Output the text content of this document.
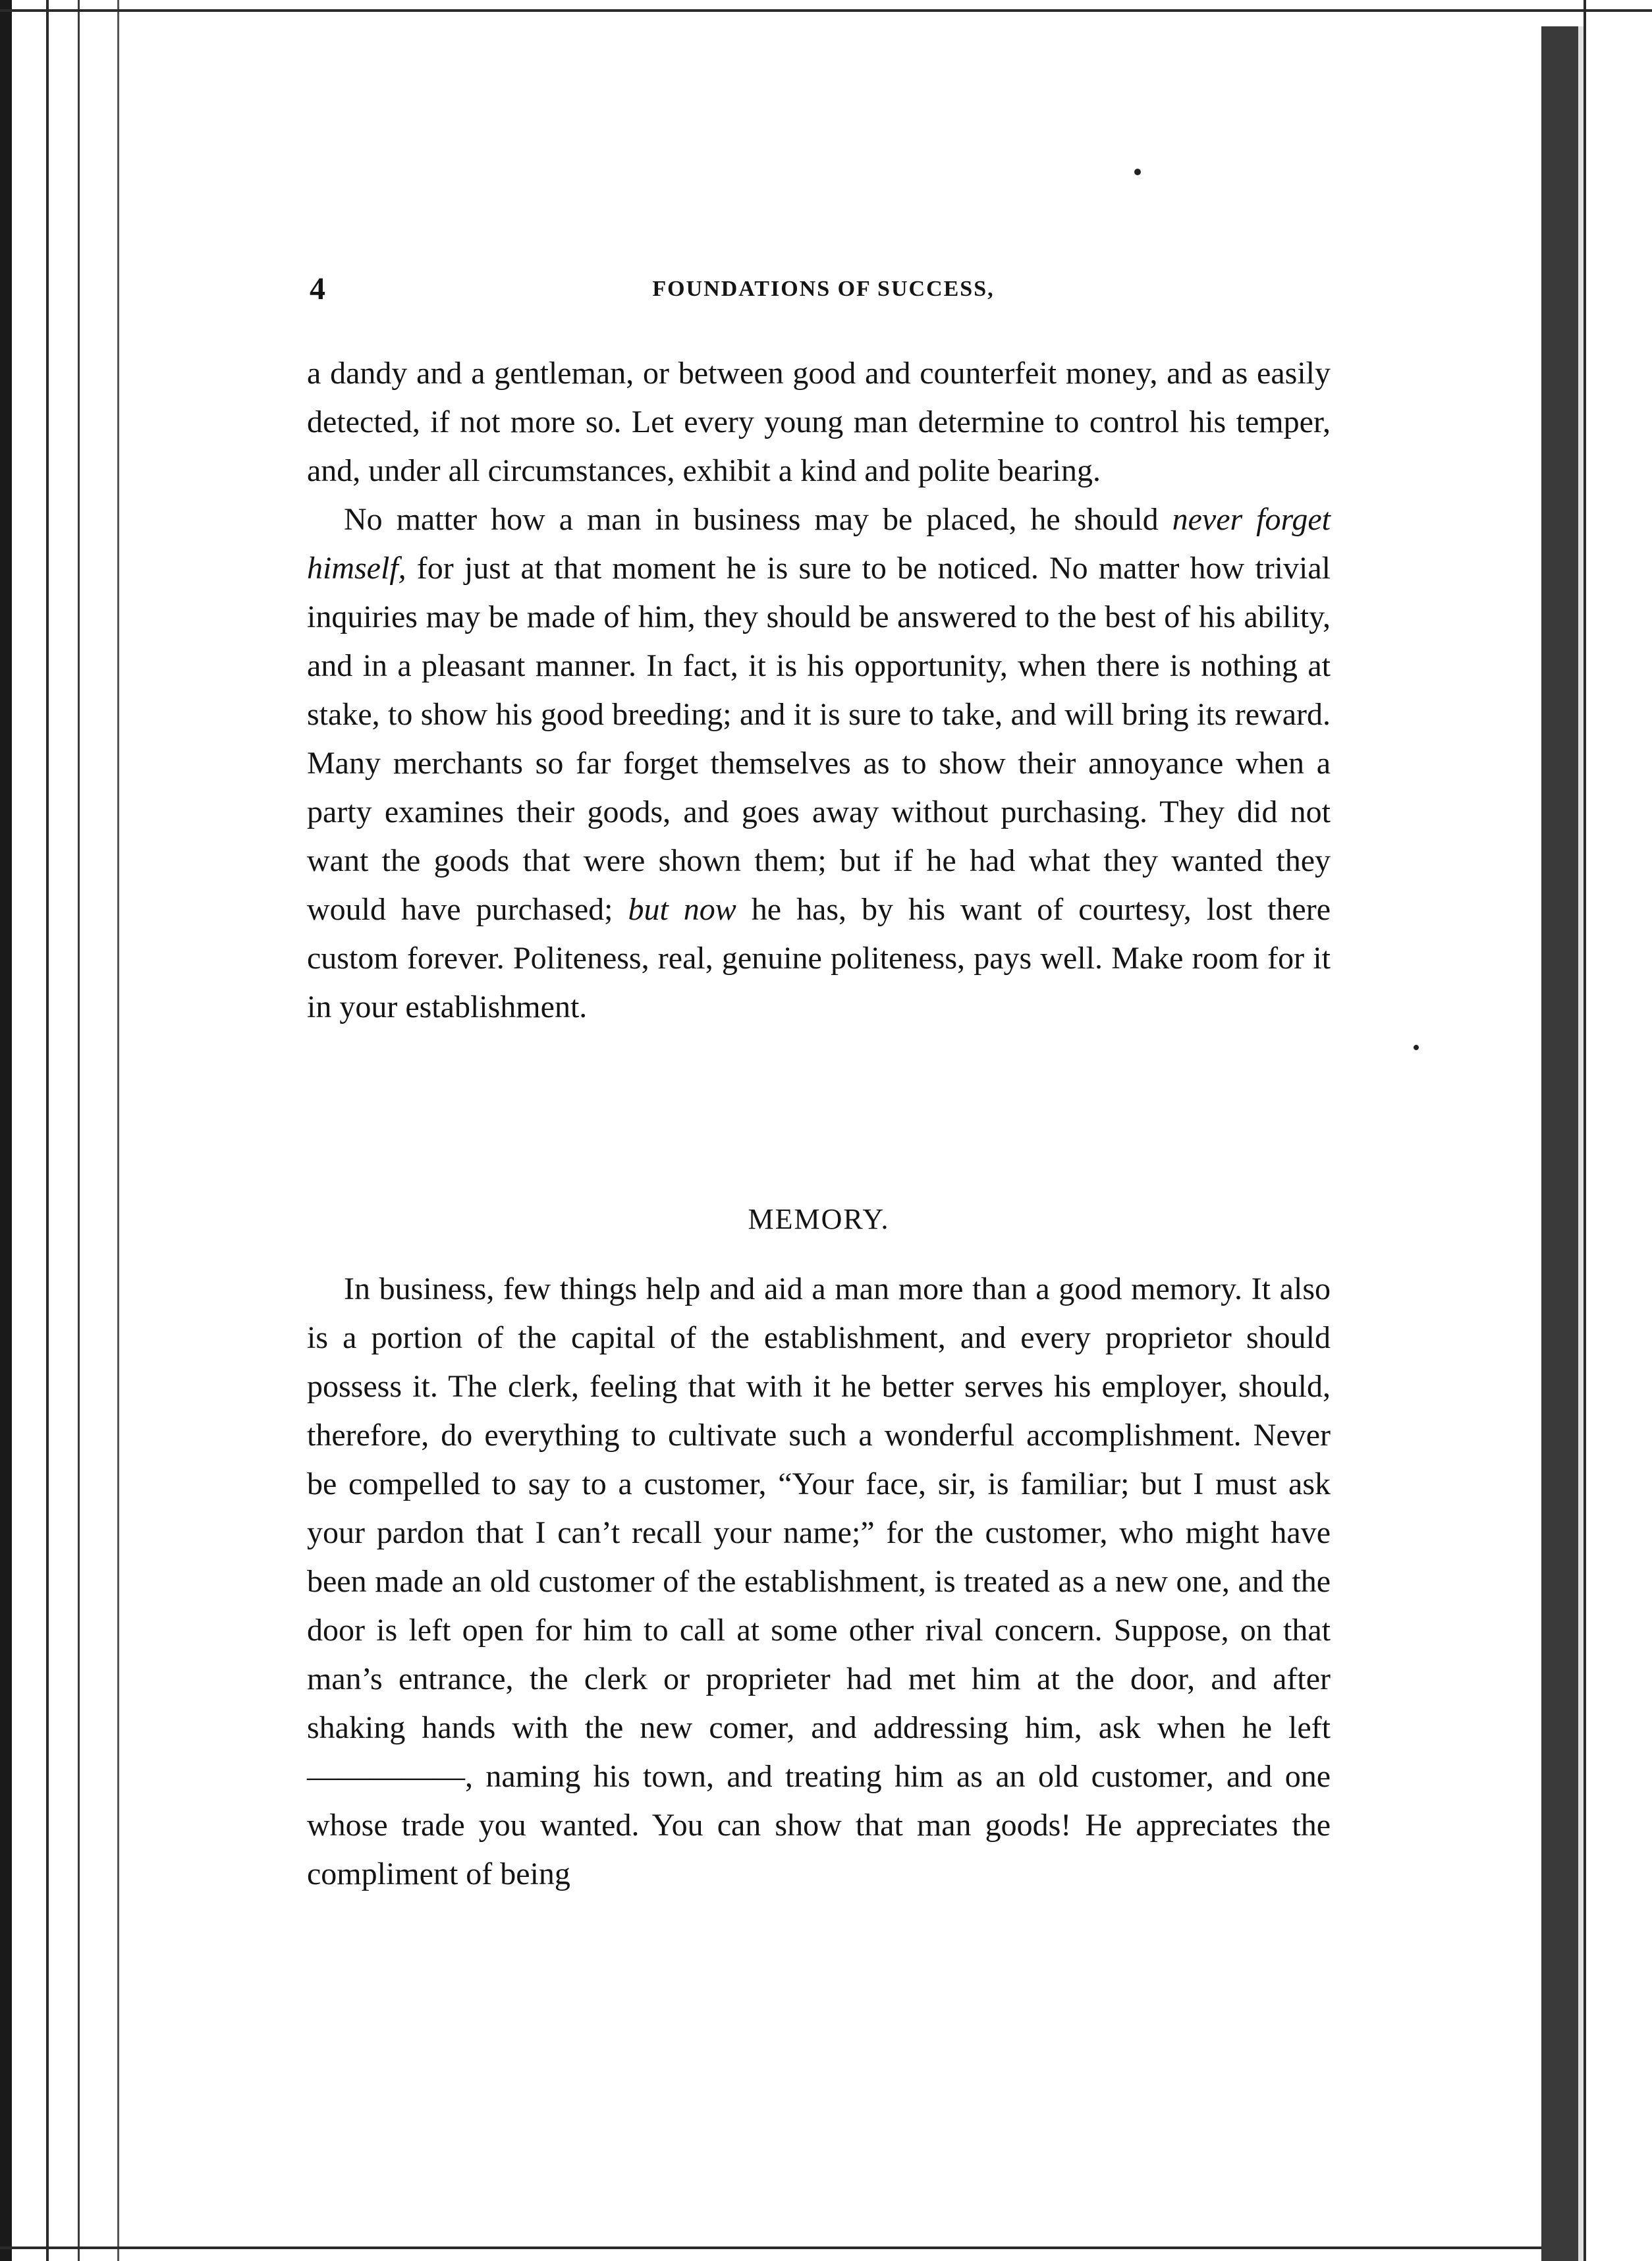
4	FOUNDATIONS OF SUCCESS,

a dandy and a gentleman, or between good and counterfeit money, and as easily detected, if not more so. Let every young man determine to control his temper, and, under all circumstances, exhibit a kind and polite bearing.

No matter how a man in business may be placed, he should never forget himself, for just at that moment he is sure to be noticed. No matter how trivial inquiries may be made of him, they should be answered to the best of his ability, and in a pleasant manner. In fact, it is his opportunity, when there is nothing at stake, to show his good breeding; and it is sure to take, and will bring its reward. Many merchants so far forget themselves as to show their annoyance when a party examines their goods, and goes away without purchasing. They did not want the goods that were shown them; but if he had what they wanted they would have purchased; but now he has, by his want of courtesy, lost there custom forever. Politeness, real, genuine politeness, pays well. Make room for it in your establishment.

MEMORY.

In business, few things help and aid a man more than a good memory. It also is a portion of the capital of the establishment, and every proprietor should possess it. The clerk, feeling that with it he better serves his employer, should, therefore, do everything to cultivate such a wonderful accomplishment. Never be compelled to say to a customer, “Your face, sir, is familiar; but I must ask your pardon that I can’t recall your name;” for the customer, who might have been made an old customer of the establishment, is treated as a new one, and the door is left open for him to call at some other rival concern. Suppose, on that man’s entrance, the clerk or proprieter had met him at the door, and after shaking hands with the new comer, and addressing him, ask when he left—————, naming his town, and treating him as an old customer, and one whose trade you wanted. You can show that man goods! He appreciates the compliment of being
